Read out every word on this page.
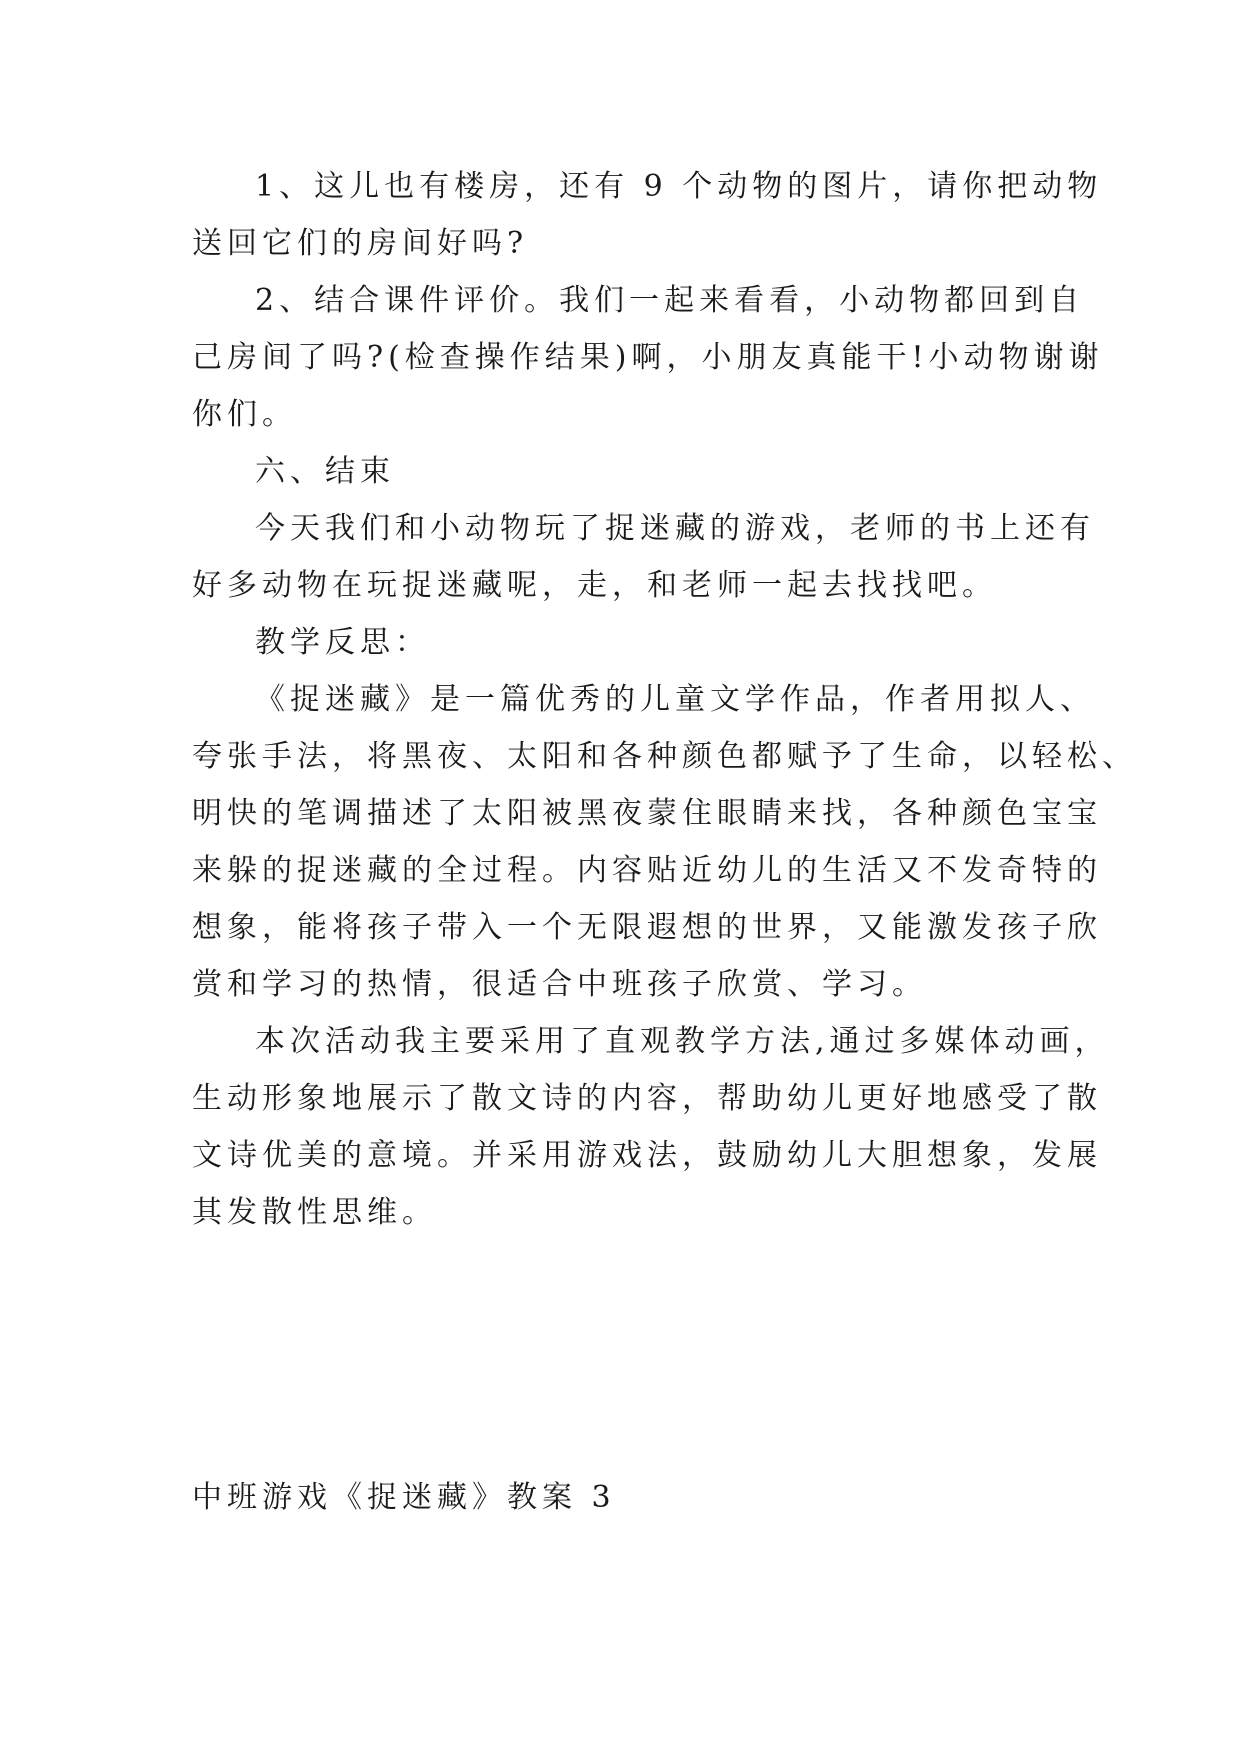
1、这儿也有楼房，还有 9 个动物的图片，请你把动物
送回它们的房间好吗?
2、结合课件评价。我们一起来看看，小动物都回到自
己房间了吗?(检查操作结果)啊，小朋友真能干!小动物谢谢
你们。
六、结束
今天我们和小动物玩了捉迷藏的游戏，老师的书上还有
好多动物在玩捉迷藏呢，走，和老师一起去找找吧。
教学反思：
《捉迷藏》是一篇优秀的儿童文学作品，作者用拟人、
夸张手法，将黑夜、太阳和各种颜色都赋予了生命，以轻松、
明快的笔调描述了太阳被黑夜蒙住眼睛来找，各种颜色宝宝
来躲的捉迷藏的全过程。内容贴近幼儿的生活又不发奇特的
想象，能将孩子带入一个无限遐想的世界，又能激发孩子欣
赏和学习的热情，很适合中班孩子欣赏、学习。
本次活动我主要采用了直观教学方法,通过多媒体动画，
生动形象地展示了散文诗的内容，帮助幼儿更好地感受了散
文诗优美的意境。并采用游戏法，鼓励幼儿大胆想象，发展
其发散性思维。
中班游戏《捉迷藏》教案 3
